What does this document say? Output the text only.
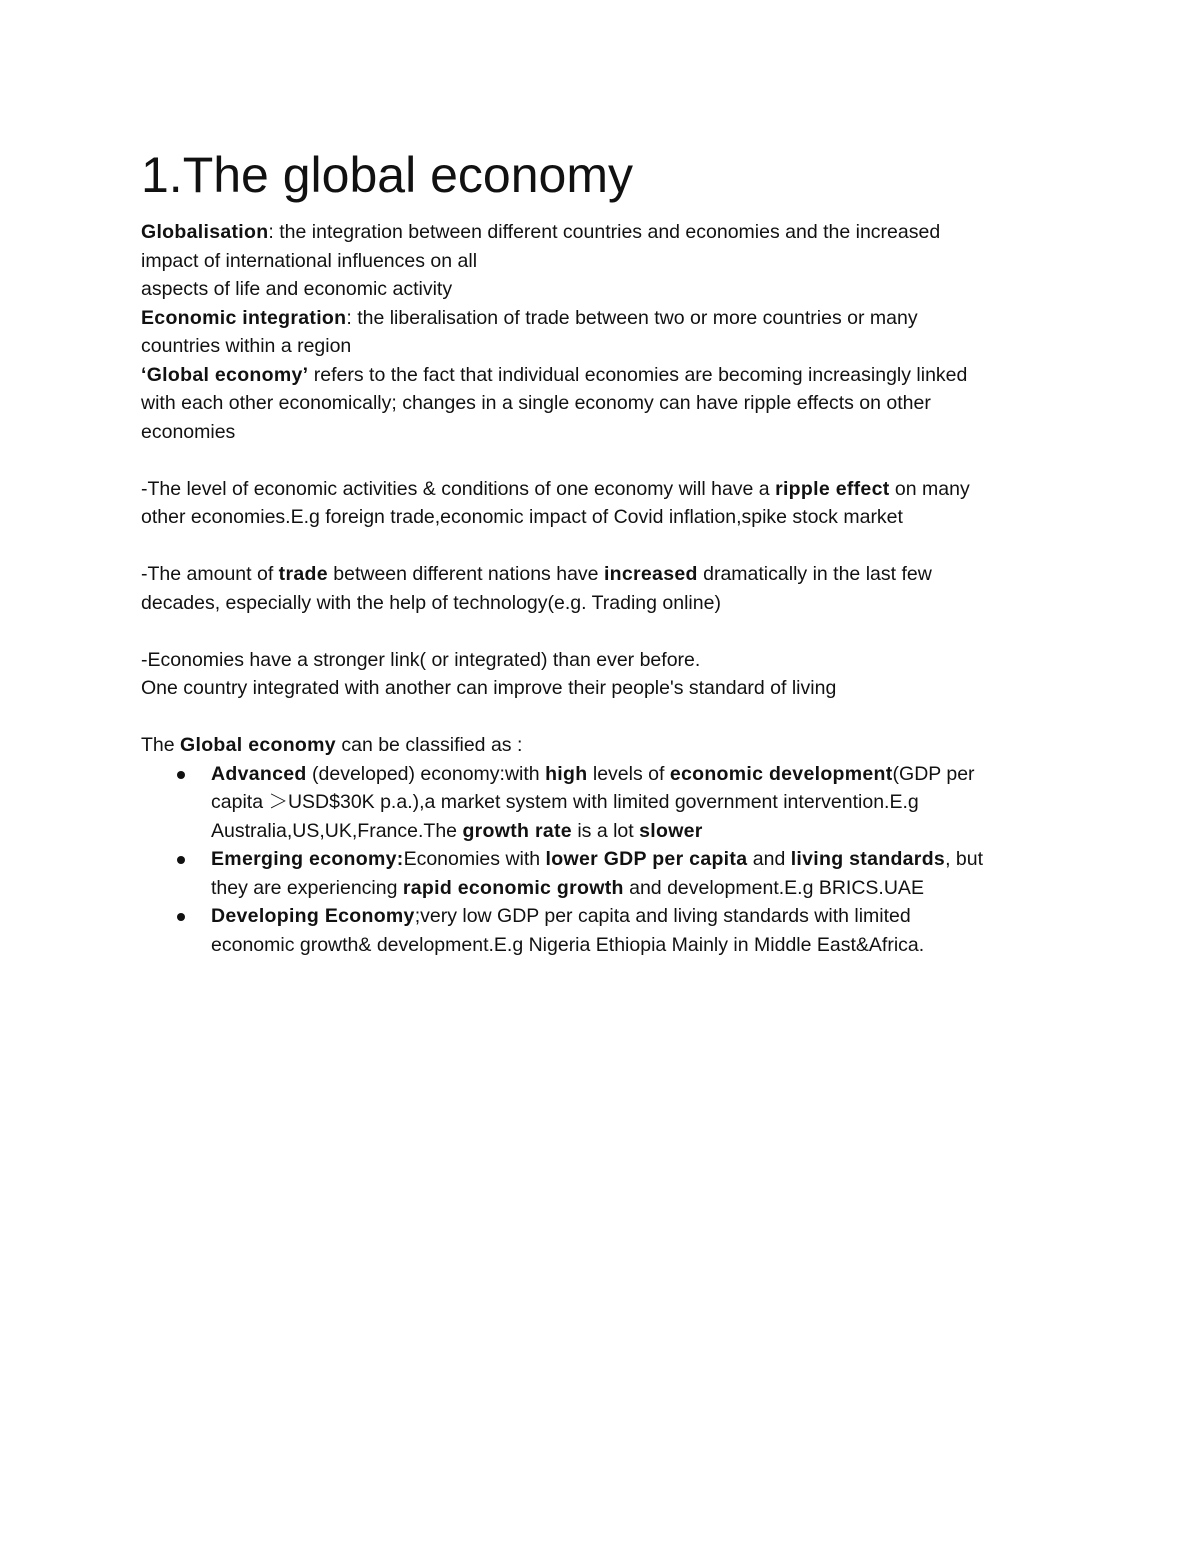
1.The global economy

Globalisation: the integration between different countries and economies and the increased

impact of international influences on all

aspects of life and economic activity

Economic integration: the liberalisation of trade between two or more countries or many

countries within a region

‘Global economy’ refers to the fact that individual economies are becoming increasingly linked

with each other economically; changes in a single economy can have ripple effects on other

economies

-The level of economic activities & conditions of one economy will have a ripple effect on many

other economies.E.g foreign trade,economic impact of Covid inflation,spike stock market

-The amount of trade between different nations have increased dramatically in the last few

decades, especially with the help of technology(e.g. Trading online)

-Economies have a stronger link( or integrated) than ever before.

One country integrated with another can improve their people's standard of living

The Global economy can be classified as :

Advanced (developed) economy:with high levels of economic development(GDP per
capita ＞USD$30K p.a.),a market system with limited government intervention.E.g
Australia,US,UK,France.The growth rate is a lot slower
Emerging economy:Economies with lower GDP per capita and living standards, but
they are experiencing rapid economic growth and development.E.g BRICS.UAE
Developing Economy;very low GDP per capita and living standards with limited
economic growth& development.E.g Nigeria Ethiopia Mainly in Middle East&Africa.
